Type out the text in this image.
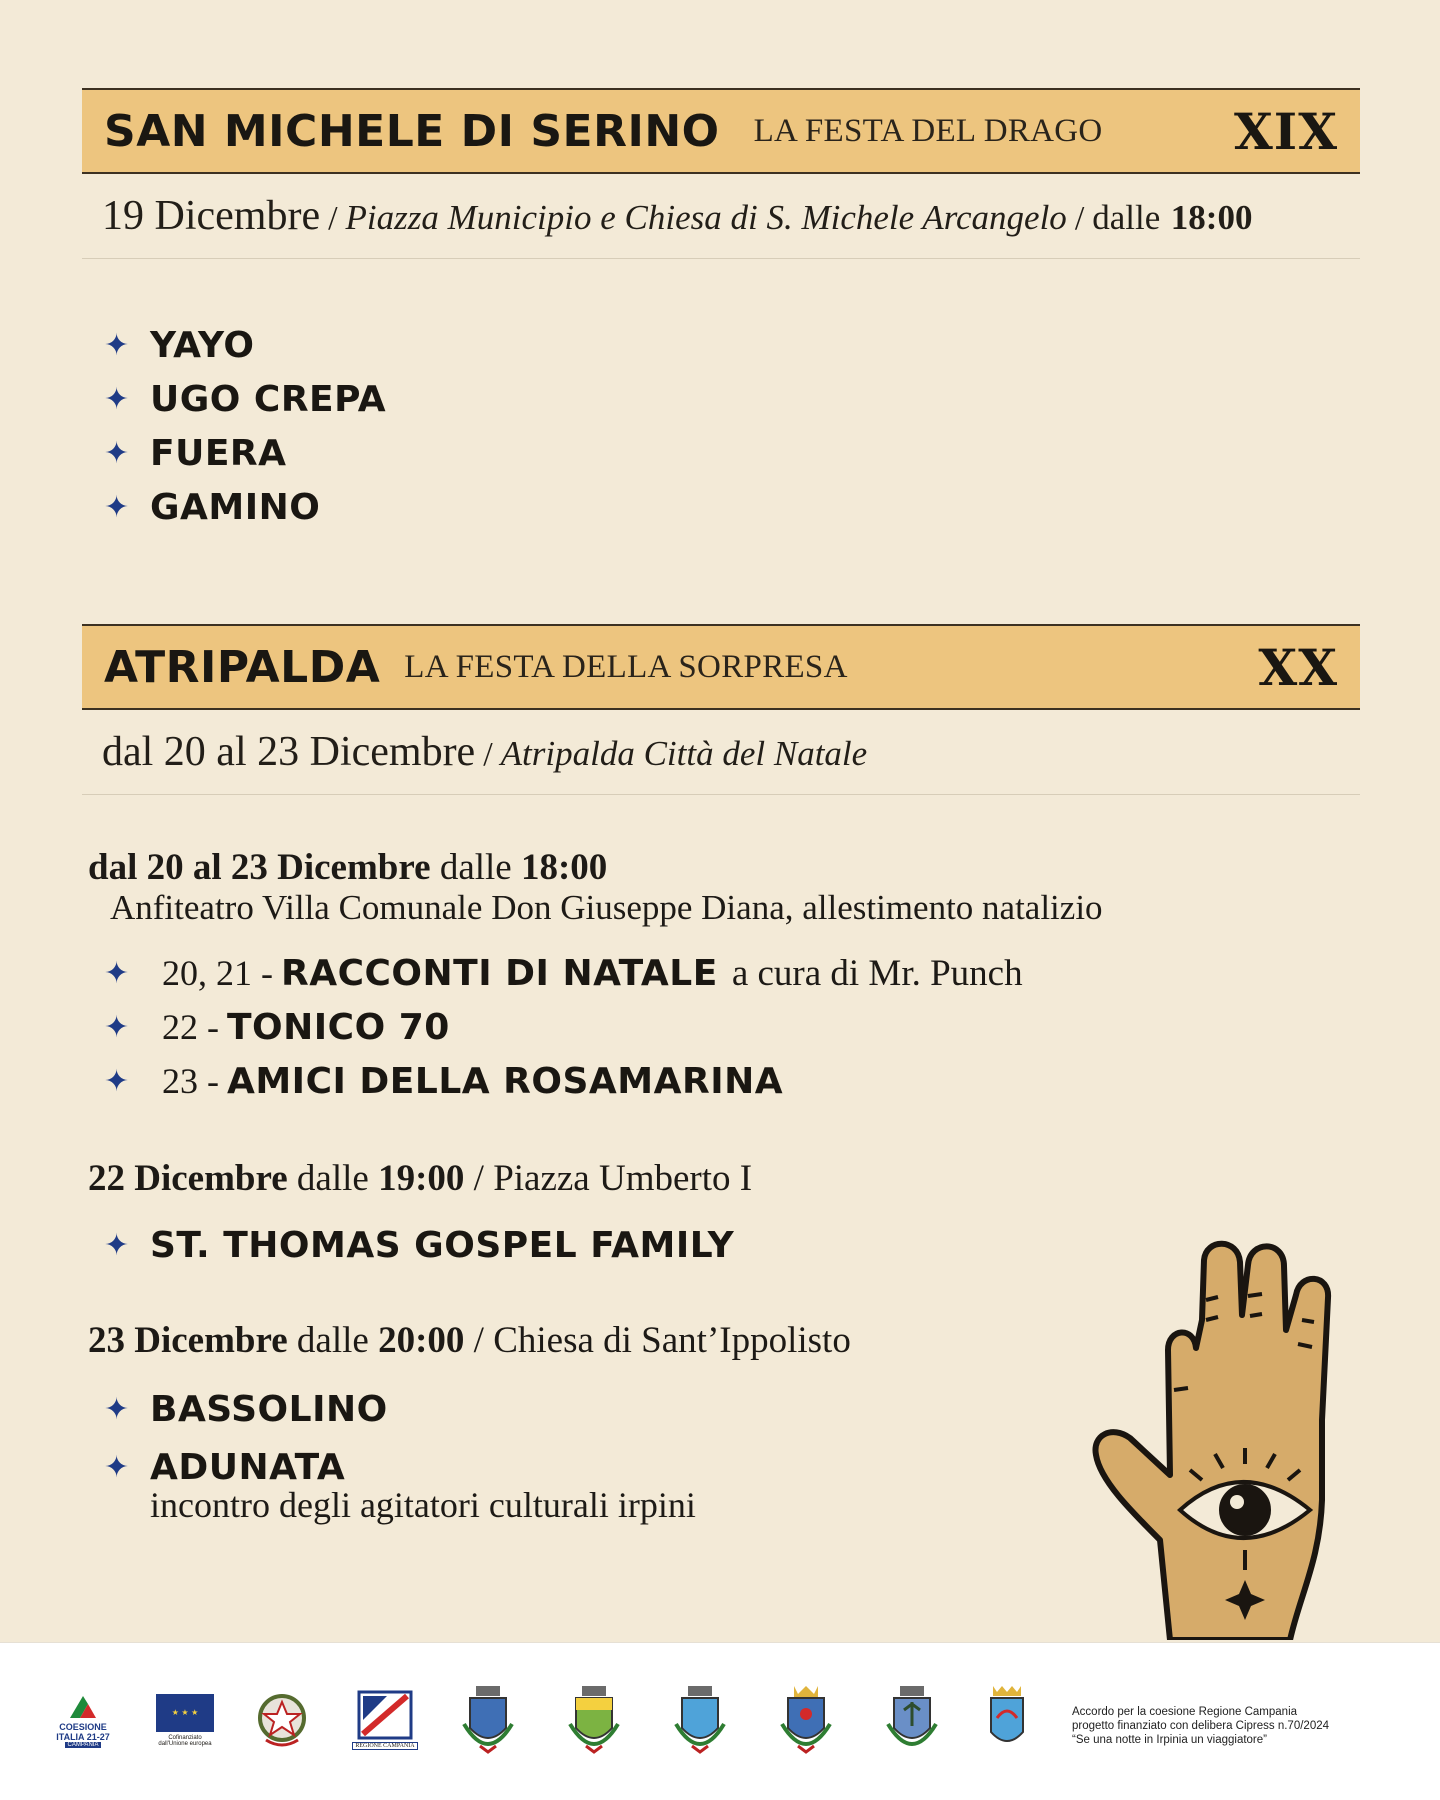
SAN MICHELE DI SERINO LA FESTA DEL DRAGO	XIX
19 Dicembre / Piazza Municipio e Chiesa di S. Michele Arcangelo / dalle 18:00
✦ YAYO
✦ UGO CREPA
✦ FUERA
✦ GAMINO
ATRIPALDA LA FESTA DELLA SORPRESA	XX
dal 20 al 23 Dicembre / Atripalda Città del Natale
dal 20 al 23 Dicembre dalle 18:00
Anfiteatro Villa Comunale Don Giuseppe Diana, allestimento natalizio
✦ 20, 21 - RACCONTI DI NATALE a cura di Mr. Punch
✦ 22 - TONICO 70
✦ 23 - AMICI DELLA ROSAMARINA
22 Dicembre dalle 19:00 / Piazza Umberto I
✦ ST. THOMAS GOSPEL FAMILY
23 Dicembre dalle 20:00 / Chiesa di Sant’Ippolisto
✦ BASSOLINO
✦ ADUNATA
incontro degli agitatori culturali irpini
COESIONE ITALIA 21-27
CAMPANIA
★ ★ ★
Cofinanziato dall'Unione europea	REGIONE CAMPANIA
Accordo per la coesione Regione Campania
progetto finanziato con delibera Cipress n.70/2024
“Se una notte in Irpinia un viaggiatore”
